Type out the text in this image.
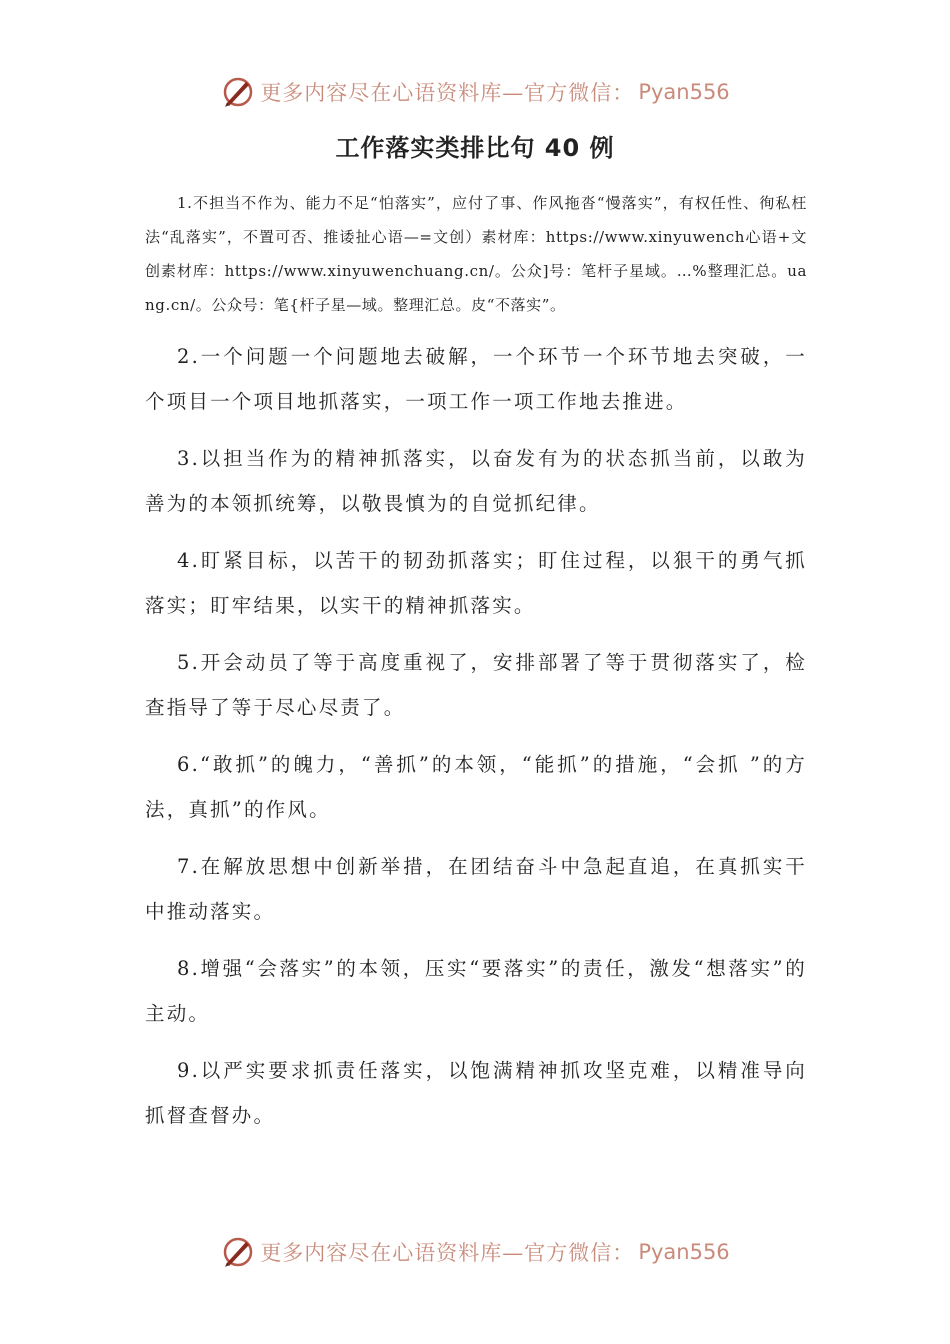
更多内容尽在心语资料库—官方微信： Pyan556
工作落实类排比句 40 例

1.不担当不作为、能力不足“怕落实”，应付了事、作风拖沓“慢落实”，有权任性、徇私枉法“乱落实”，不置可否、推诿扯心语—=文创）素材库：https://www.xinyuwench心语+文创素材库：https://www.xinyuwenchuang.cn/。公众]号：笔杆子星域。…%整理汇总。uang.cn/。公众号：笔{杆子星—域。整理汇总。皮“不落实”。

2.一个问题一个问题地去破解，一个环节一个环节地去突破，一个项目一个项目地抓落实，一项工作一项工作地去推进。

3.以担当作为的精神抓落实，以奋发有为的状态抓当前，以敢为善为的本领抓统筹，以敬畏慎为的自觉抓纪律。

4.盯紧目标，以苦干的韧劲抓落实；盯住过程，以狠干的勇气抓落实；盯牢结果，以实干的精神抓落实。

5.开会动员了等于高度重视了，安排部署了等于贯彻落实了，检查指导了等于尽心尽责了。

6.“敢抓”的魄力，“善抓”的本领，“能抓”的措施，“会抓 ”的方法，真抓”的作风。

7.在解放思想中创新举措，在团结奋斗中急起直追，在真抓实干中推动落实。

8.增强“会落实”的本领，压实“要落实”的责任，激发“想落实”的主动。

9.以严实要求抓责任落实，以饱满精神抓攻坚克难，以精准导向抓督查督办。

更多内容尽在心语资料库—官方微信： Pyan556
